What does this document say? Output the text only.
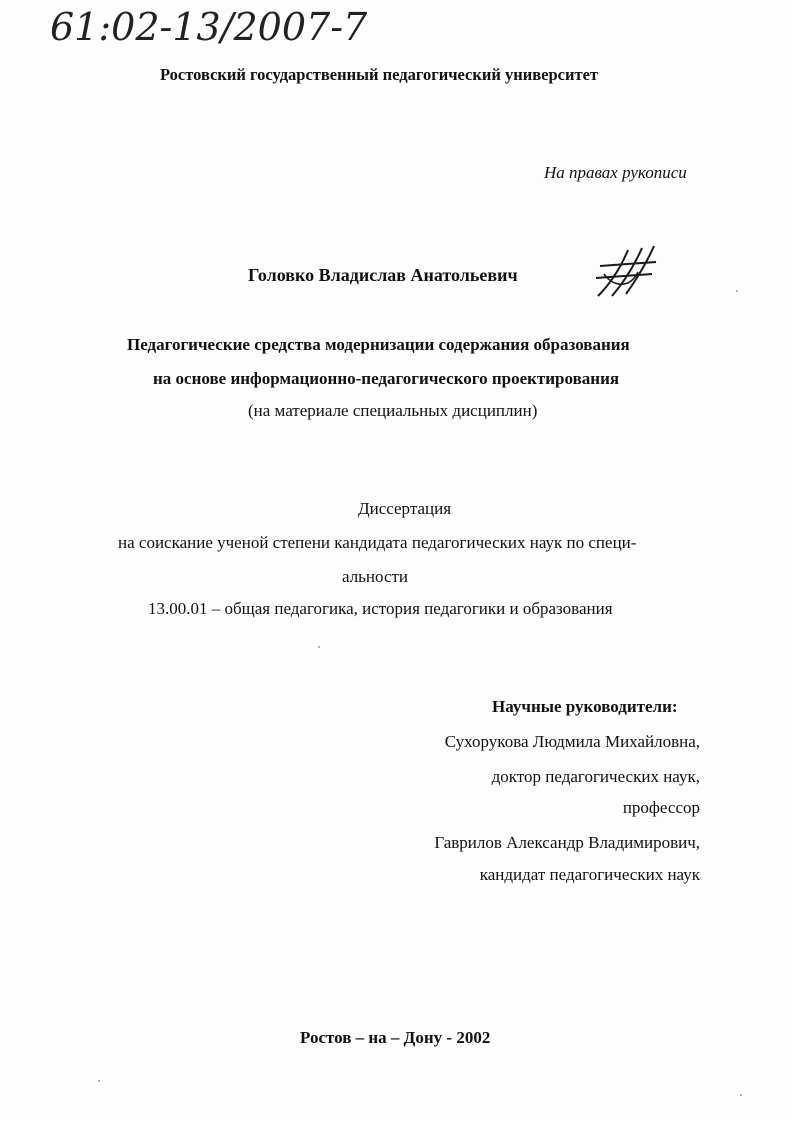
61:02-13/2007-7
Ростовский государственный педагогический университет
На правах рукописи
Головко Владислав Анатольевич
Педагогические средства модернизации содержания образования
на основе информационно-педагогического проектирования
(на материале специальных дисциплин)
Диссертация
на соискание ученой степени кандидата педагогических наук по специ-
альности
13.00.01 – общая педагогика, история педагогики и образования
Научные руководители:
Сухорукова Людмила Михайловна,
доктор педагогических наук,
профессор
Гаврилов Александр Владимирович,
кандидат педагогических наук
Ростов – на – Дону - 2002
